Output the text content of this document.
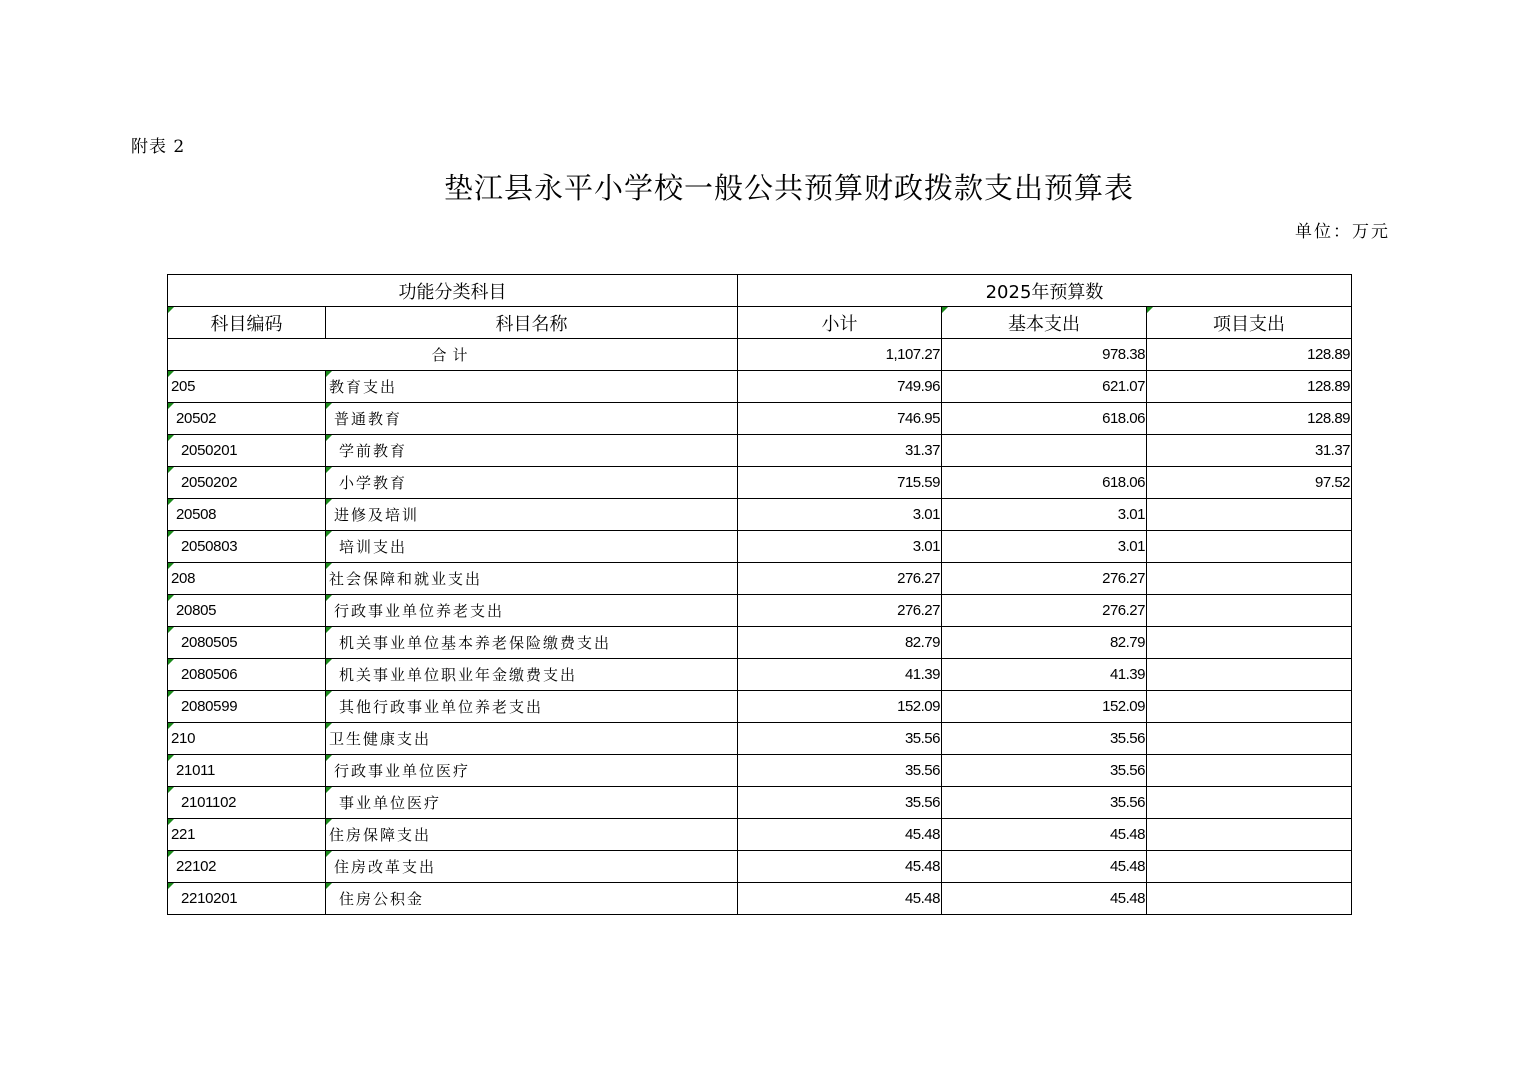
附表 2
垫江县永平小学校一般公共预算财政拨款支出预算表
单位：万元
功能分类科目		2025年预算数		
科目编码	科目名称	小计	基本支出	项目支出
合计		1,107.27	978.38	128.89
205	教育支出	749.96	621.07	128.89
20502	普通教育	746.95	618.06	128.89
2050201	学前教育	31.37		31.37
2050202	小学教育	715.59	618.06	97.52
20508	进修及培训	3.01	3.01	
2050803	培训支出	3.01	3.01	
208	社会保障和就业支出	276.27	276.27	
20805	行政事业单位养老支出	276.27	276.27	
2080505	机关事业单位基本养老保险缴费支出	82.79	82.79	
2080506	机关事业单位职业年金缴费支出	41.39	41.39	
2080599	其他行政事业单位养老支出	152.09	152.09	
210	卫生健康支出	35.56	35.56	
21011	行政事业单位医疗	35.56	35.56	
2101102	事业单位医疗	35.56	35.56	
221	住房保障支出	45.48	45.48	
22102	住房改革支出	45.48	45.48	
2210201	住房公积金	45.48	45.48	
